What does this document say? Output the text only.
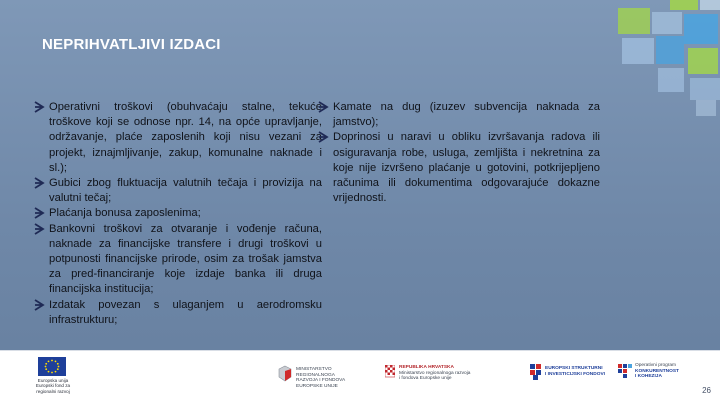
NEPRIHVATLJIVI IZDACI
Operativni troškovi (obuhvaćaju stalne, tekuće troškove koji se odnose npr. 14, na opće upravljanje, održavanje, plaće zaposlenih koji nisu vezani za projekt, iznajmljivanje, zakup, komunalne naknade i sl.);
Gubici zbog fluktuacija valutnih tečaja i provizija na valutni tečaj;
Plaćanja bonusa zaposlenima;
Bankovni troškovi za otvaranje i vođenje računa, naknade za financijske transfere i drugi troškovi u potpunosti financijske prirode, osim za trošak jamstva za pred-financiranje koje izdaje banka ili druga financijska institucija;
Izdatak povezan s ulaganjem u aerodromsku infrastrukturu;
Kamate na dug (izuzev subvencija naknada za jamstvo);
Doprinosi u naravi u obliku izvršavanja radova ili osiguravanja robe, usluga, zemljišta i nekretnina za koje nije izvršeno plaćanje u gotovini, potkrijepljeno računima ili dokumentima odgovarajuće dokazne vrijednosti.
Europska unija Europski fond za regionalni razvoj
MINISTARSTVO REGIONALNOGA
RAZVOJA I FONDOVA EUROPSKE UNIJE
REPUBLIKA HRVATSKA
Ministarstvo regionalnoga razvoja
i fondova Europske unije
EUROPSKI STRUKTURNI
I INVESTICIJSKI FONDOVI
Operativni program
KONKURENTNOST
I KOHEZIJA
26
